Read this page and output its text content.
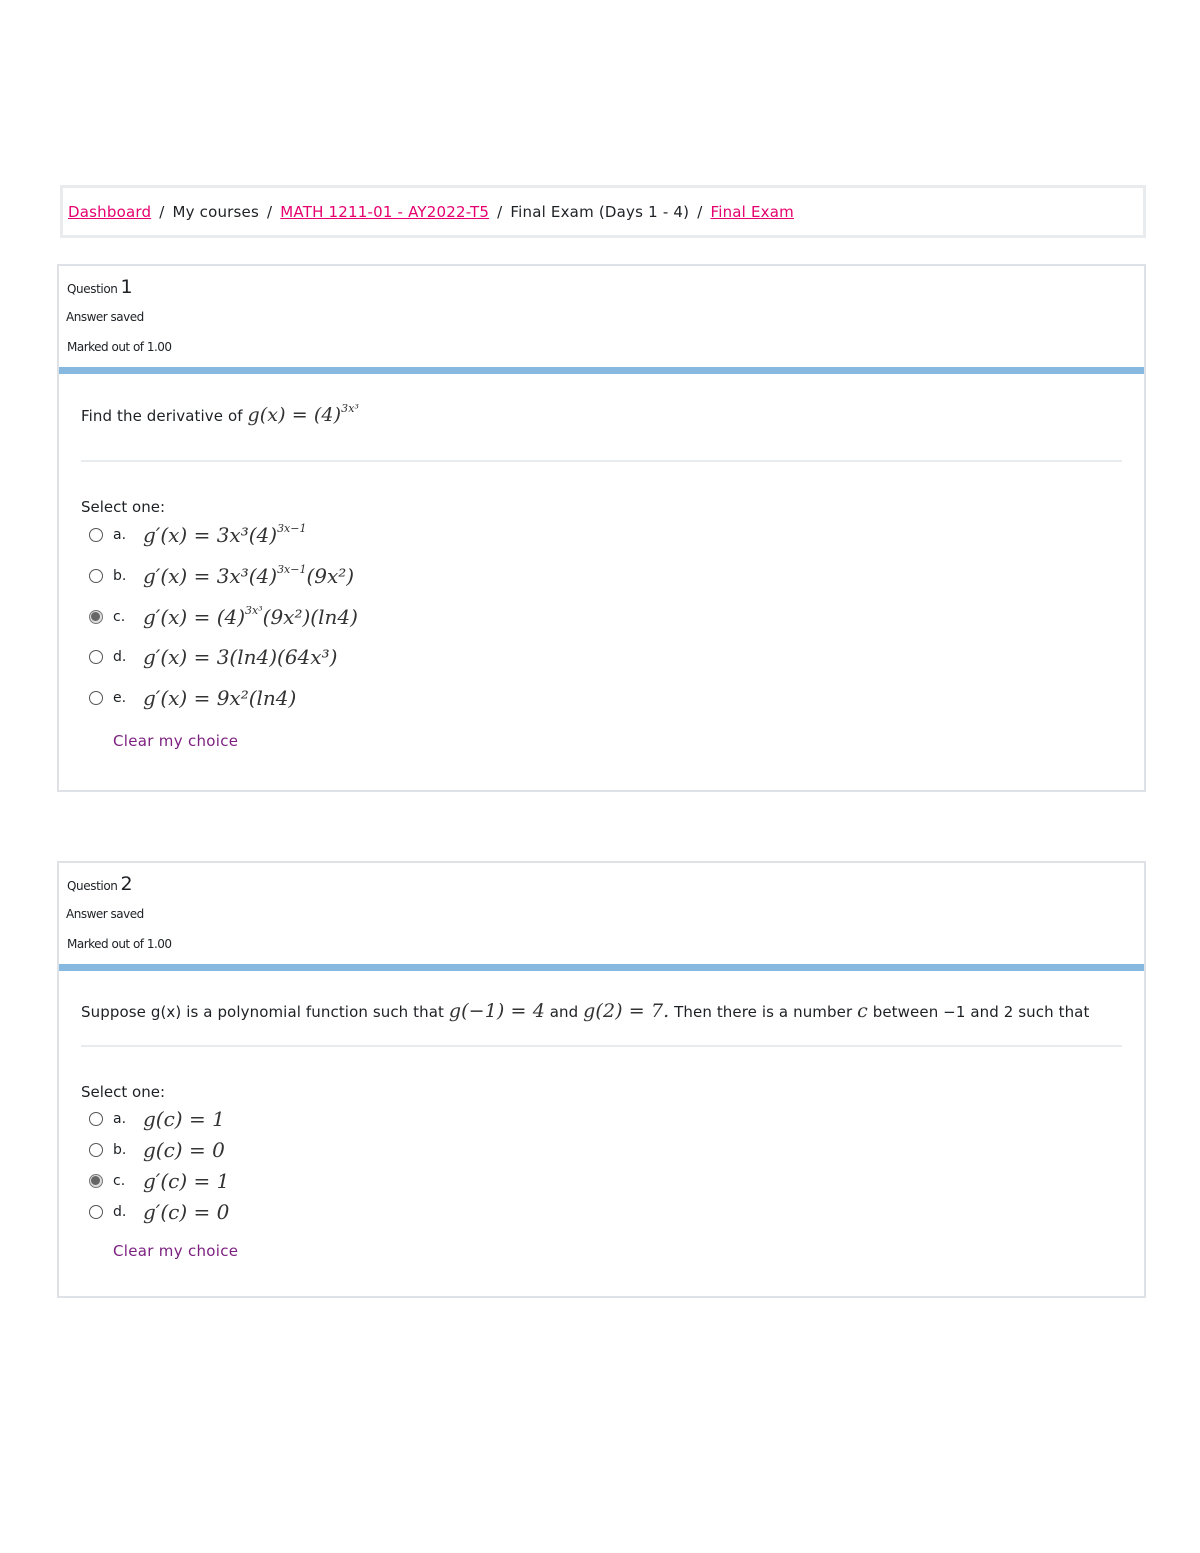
Dashboard / My courses / MATH 1211-01 - AY2022-T5 / Final Exam (Days 1 - 4) / Final Exam
Question 1
Answer saved
Marked out of 1.00
Find the derivative of $g(x) = (4)^{3x^3}$
Select one:
a. $g'(x) = 3x^3(4)^{3x-1}$
b. $g'(x) = 3x^3(4)^{3x-1}(9x^2)$
c. $g'(x) = (4)^{3x^3}(9x^2)(\ln 4)$
d. g′(x) = 3(ln4)(64x³)
e. g′(x) = 9x²(ln4)
Clear my choice
Question 2
Answer saved
Marked out of 1.00
Suppose g(x) is a polynomial function such that g(−1) = 4 and g(2) = 7. Then there is a number c between −1 and 2 such that
Select one:
a. g(c) = 1
b. g(c) = 0
c. g′(c) = 1
d. g′(c) = 0
Clear my choice
